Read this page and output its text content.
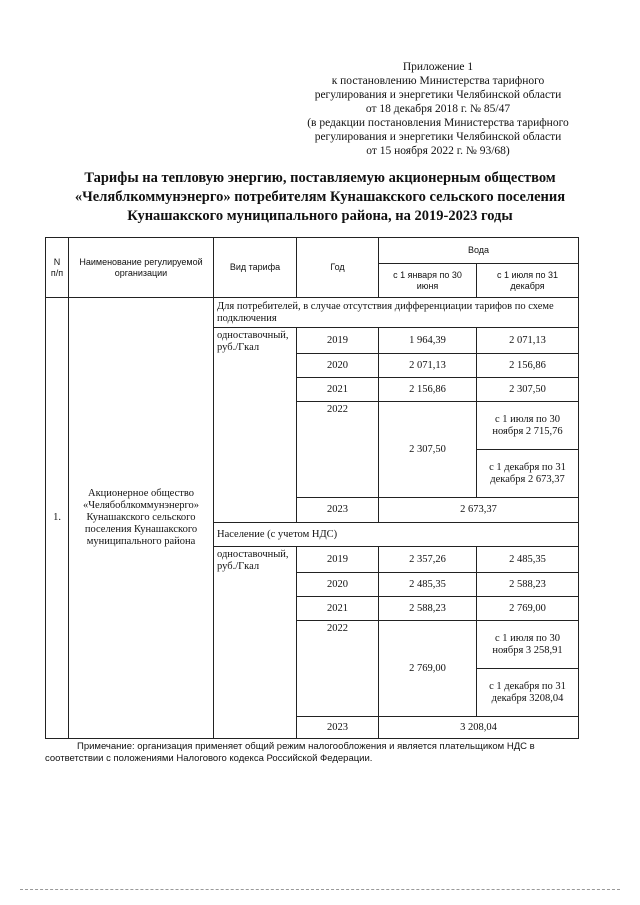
Приложение 1
к постановлению Министерства тарифного
регулирования и энергетики Челябинской области
от 18 декабря 2018 г. № 85/47
(в редакции постановления Министерства тарифного
регулирования и энергетики Челябинской области
от 15 ноября 2022 г. № 93/68)
Тарифы на тепловую энергию, поставляемую акционерным обществом
«Челяблкоммунэнерго» потребителям Кунашакского сельского поселения
Кунашакского муниципального района, на 2019-2023 годы
N п/п	Наименование регулируемой организации	Вид тарифа	Год	Вода	
				с 1 января по 30 июня	с 1 июля по 31 декабря
1.	Акционерное общество «Челябоблкоммунэнерго» Кунашакского сельского поселения Кунашакского муниципального района	Для потребителей, в случае отсутствия дифференциации тарифов по схеме подключения			
		одноставочный, руб./Гкал	2019	1 964,39	2 071,13
			2020	2 071,13	2 156,86
			2021	2 156,86	2 307,50
			2022	2 307,50	с 1 июля по 30 ноября 2 715,76
					с 1 декабря по 31 декабря 2 673,37
			2023	2 673,37	
		Население (с учетом НДС)			
		одноставочный, руб./Гкал	2019	2 357,26	2 485,35
			2020	2 485,35	2 588,23
			2021	2 588,23	2 769,00
			2022	2 769,00	с 1 июля по 30 ноября 3 258,91
					с 1 декабря по 31 декабря 3208,04
			2023	3 208,04	
Примечание: организация применяет общий режим налогообложения и является плательщиком НДС в соответствии с положениями Налогового кодекса Российской Федерации.
